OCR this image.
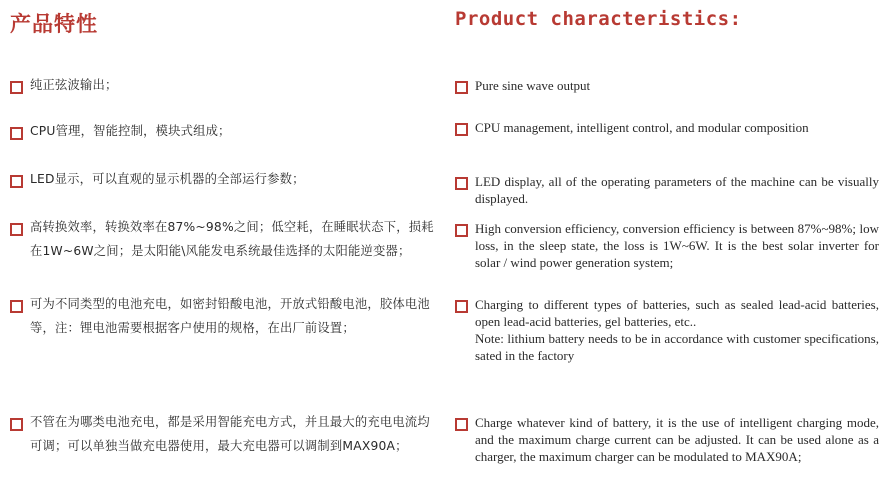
产品特性
纯正弦波输出；
CPU管理，智能控制，模块式组成；
LED显示，可以直观的显示机器的全部运行参数；
高转换效率，转换效率在87%~98%之间；低空耗，在睡眠状态下，损耗在1W~6W之间；是太阳能\风能发电系统最佳选择的太阳能逆变器；
可为不同类型的电池充电，如密封铅酸电池，开放式铅酸电池，胶体电池等，注：锂电池需要根据客户使用的规格，在出厂前设置；
不管在为哪类电池充电，都是采用智能充电方式，并且最大的充电电流均可调；可以单独当做充电器使用，最大充电器可以调制到MAX90A；
Product characteristics:
Pure sine wave output
CPU management, intelligent control, and modular composition
LED display, all of the operating parameters of the machine can be visually displayed.
High conversion efficiency, conversion efficiency is between 87%~98%; low loss, in the sleep state, the loss is 1W~6W. It is the best solar inverter for solar / wind power generation system;
Charging to different types of batteries, such as sealed lead-acid batteries, open lead-acid batteries, gel batteries, etc..
Note: lithium battery needs to be in accordance with customer specifications, sated in the factory
Charge whatever kind of battery, it is the use of intelligent charging mode, and the maximum charge current can be adjusted. It can be used alone as a charger, the maximum charger can be modulated to MAX90A;
